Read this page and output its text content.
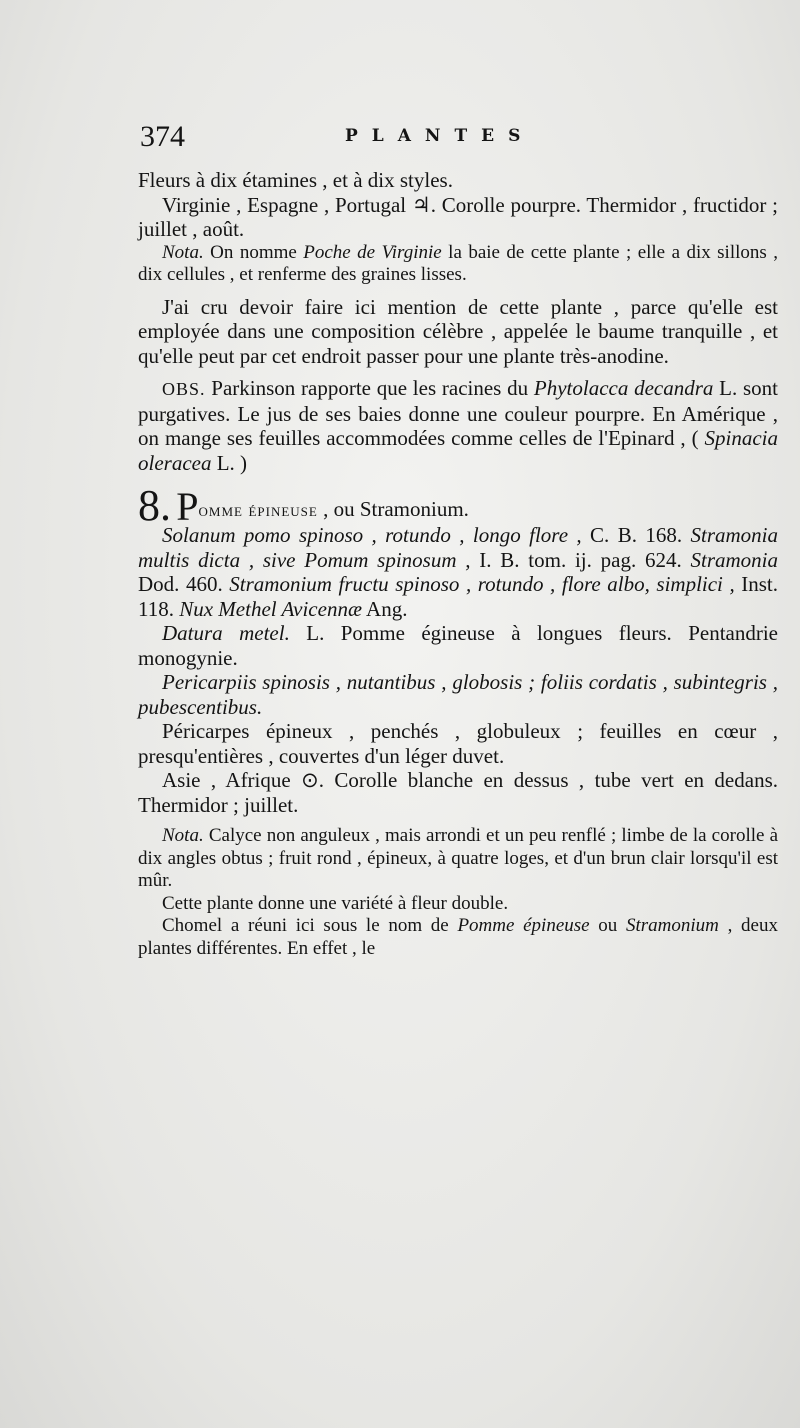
374	PLANTES

Fleurs à dix étamines , et à dix styles.

Virginie , Espagne , Portugal ♃. Corolle pourpre. Thermidor , fructidor ; juillet , août.

Nota. On nomme Poche de Virginie la baie de cette plante ; elle a dix sillons , dix cellules , et renferme des graines lisses.

J'ai cru devoir faire ici mention de cette plante , parce qu'elle est employée dans une composition célèbre , appelée le baume tranquille , et qu'elle peut par cet endroit passer pour une plante très-anodine.

OBS. Parkinson rapporte que les racines du Phytolacca decandra L. sont purgatives. Le jus de ses baies donne une couleur pourpre. En Amérique , on mange ses feuilles accommodées comme celles de l'Epinard , ( Spinacia oleracea L. )

8. Pomme épineuse , ou Stramonium.

Solanum pomo spinoso , rotundo , longo flore , C. B. 168. Stramonia multis dicta , sive Pomum spinosum , I. B. tom. ij. pag. 624. Stramonia Dod. 460. Stramonium fructu spinoso , rotundo , flore albo, simplici , Inst. 118. Nux Methel Avicennæ Ang.

Datura metel. L. Pomme égineuse à longues fleurs. Pentandrie monogynie.

Pericarpiis spinosis , nutantibus , globosis ; foliis cordatis , subintegris , pubescentibus.

Péricarpes épineux , penchés , globuleux ; feuilles en cœur , presqu'entières , couvertes d'un léger duvet.

Asie , Afrique ⊙. Corolle blanche en dessus , tube vert en dedans. Thermidor ; juillet.

Nota. Calyce non anguleux , mais arrondi et un peu renflé ; limbe de la corolle à dix angles obtus ; fruit rond , épineux, à quatre loges, et d'un brun clair lorsqu'il est mûr.

Cette plante donne une variété à fleur double.

Chomel a réuni ici sous le nom de Pomme épineuse ou Stramonium , deux plantes différentes. En effet , le
